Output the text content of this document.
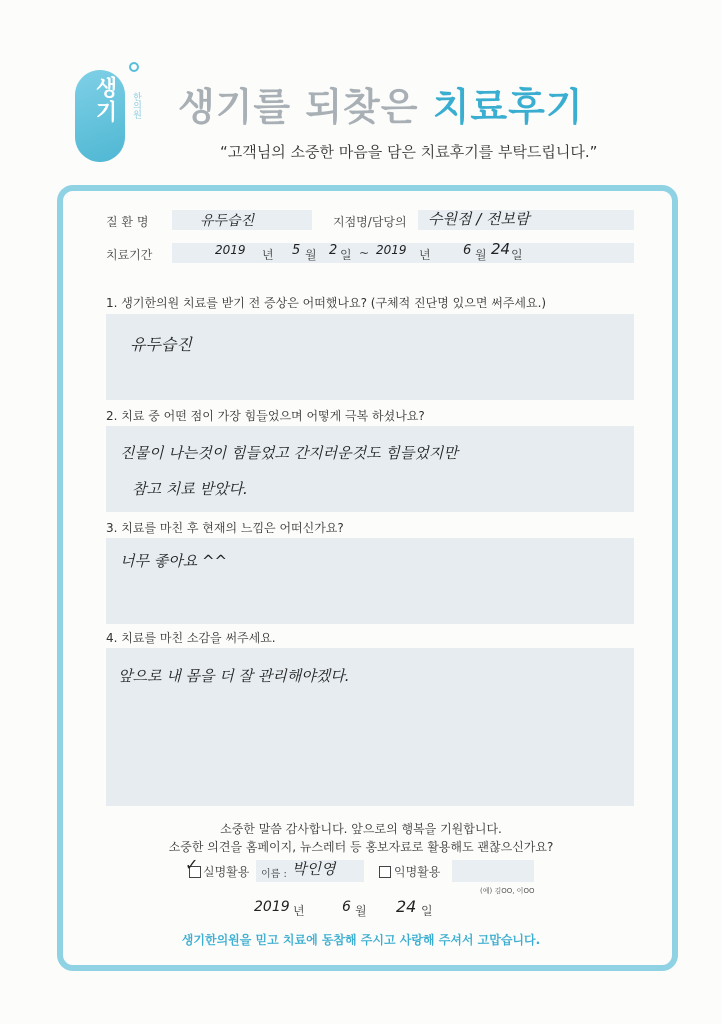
생기	한의원 생기를 되찾은 치료후기
“고객님의 소중한 마음을 담은 치료후기를 부탁드립니다.”
질 환 명	유두습진	지점명/담당의 수원점 / 전보람
치료기간	2019 년 5 월 2 일 ~ 2019 년 6 월 24 일
1. 생기한의원 치료를 받기 전 증상은 어떠했나요? (구체적 진단명 있으면 써주세요.)
유두습진
2. 치료 중 어떤 점이 가장 힘들었으며 어떻게 극복 하셨나요?
진물이 나는것이 힘들었고 간지러운것도 힘들었지만
참고 치료 받았다.
3. 치료를 마친 후 현재의 느낌은 어떠신가요?
너무 좋아요 ^^
4. 치료를 마친 소감을 써주세요.
앞으로 내 몸을 더 잘 관리해야겠다.
소중한 말씀 감사합니다. 앞으로의 행복을 기원합니다.
소중한 의견을 홈페이지, 뉴스레터 등 홍보자료로 활용해도 괜찮으신가요?
✓ 실명활용 이름 : 박인영	익명활용
(예) 김OO, 이OO
2019 년	6 월 24 일
생기한의원을 믿고 치료에 동참해 주시고 사랑해 주셔서 고맙습니다.
